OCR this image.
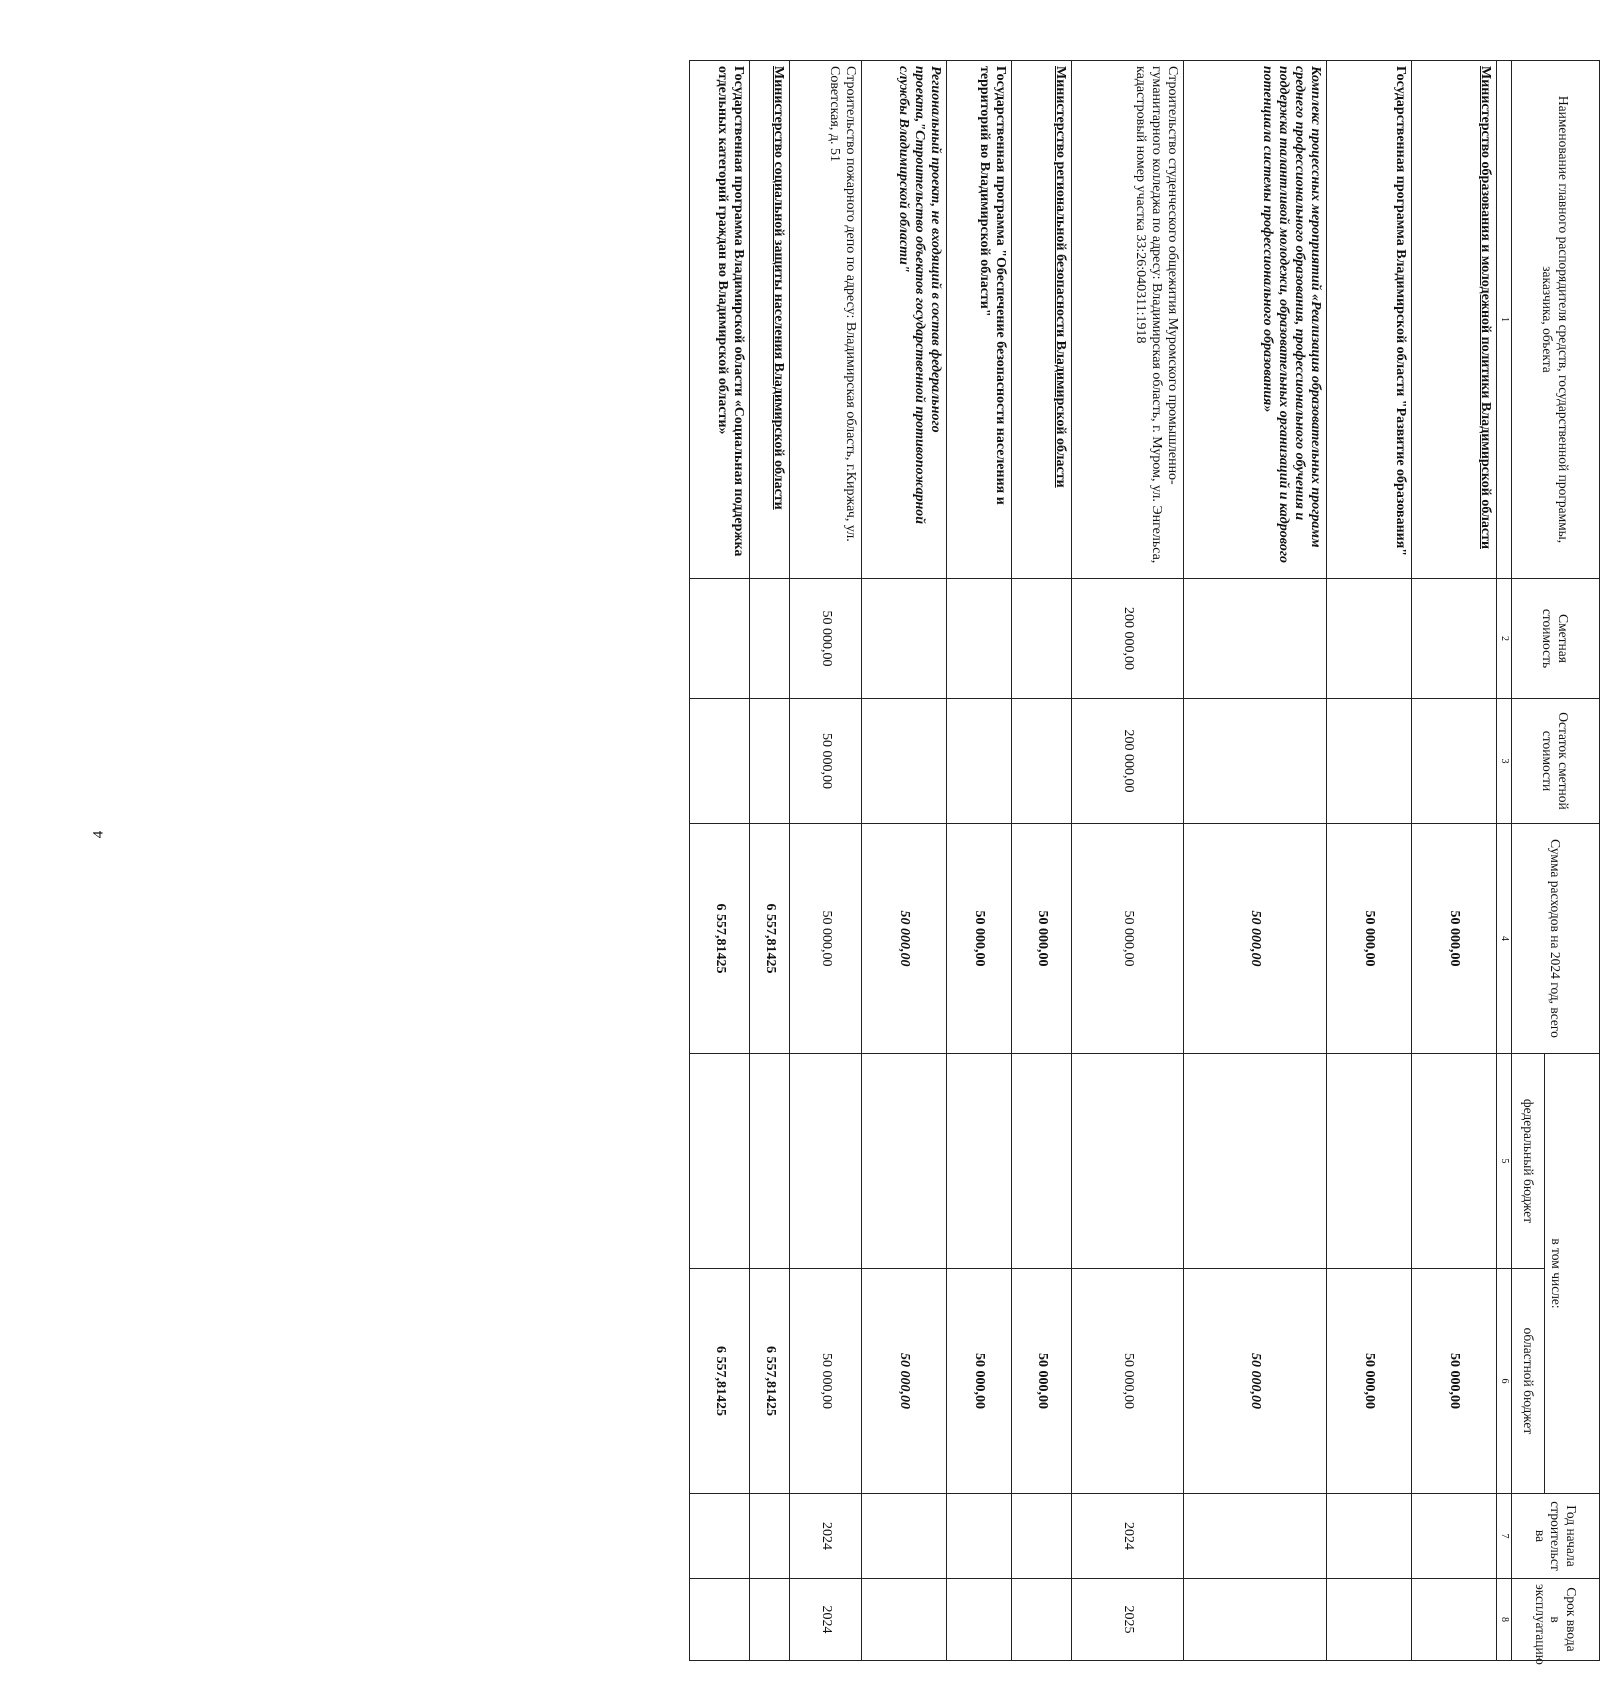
4
Наименование главного распорядителя средств, государственной программы, заказчика, объекта	Сметная стоимость	Остаток сметной стоимости	Сумма расходов на 2024 год, всего	в том числе:		Год начала строительст ва	Срок ввода в эксплуатацию
				федеральный бюджет	областной бюджет		
1	2	3	4	5	6	7	8
Министерство образования и молодежной политики Владимирской области			50 000,00		50 000,00		
Государственная программа Владимирской области "Развитие образования"			50 000,00		50 000,00		
Комплекс процессных мероприятий «Реализация образовательных программ среднего профессионального образования, профессионального обучения и поддержка талантливой молодежи, образовательных организаций и кадрового потенциала системы профессионального образования»			50 000,00		50 000,00		
Строительство студенческого общежития Муромского промышленно-гуманитарного колледжа по адресу: Владимирская область, г. Муром, ул. Энгельса, кадастровый номер участка 33:26:040311:1918	200 000,00	200 000,00	50 000,00		50 000,00	2024	2025
Министерство региональной безопасности Владимирской области			50 000,00		50 000,00		
Государственная программа "Обеспечение безопасности населения и территорий во Владимирской области"			50 000,00		50 000,00		
Региональный проект, не входящий в состав федерального проекта,"Строительство объектов государственной противопожарной службы Владимирской области"			50 000,00		50 000,00		
Строительство пожарного депо по адресу: Владимирская область, г.Киржач, ул. Советская, д. 51	50 000,00	50 000,00	50 000,00		50 000,00	2024	2024
Министерство социальной защиты населения Владимирской области			6 557,81425		6 557,81425		
Государственная программа Владимирской области «Социальная поддержка отдельных категорий граждан во Владимирской области»			6 557,81425		6 557,81425		
